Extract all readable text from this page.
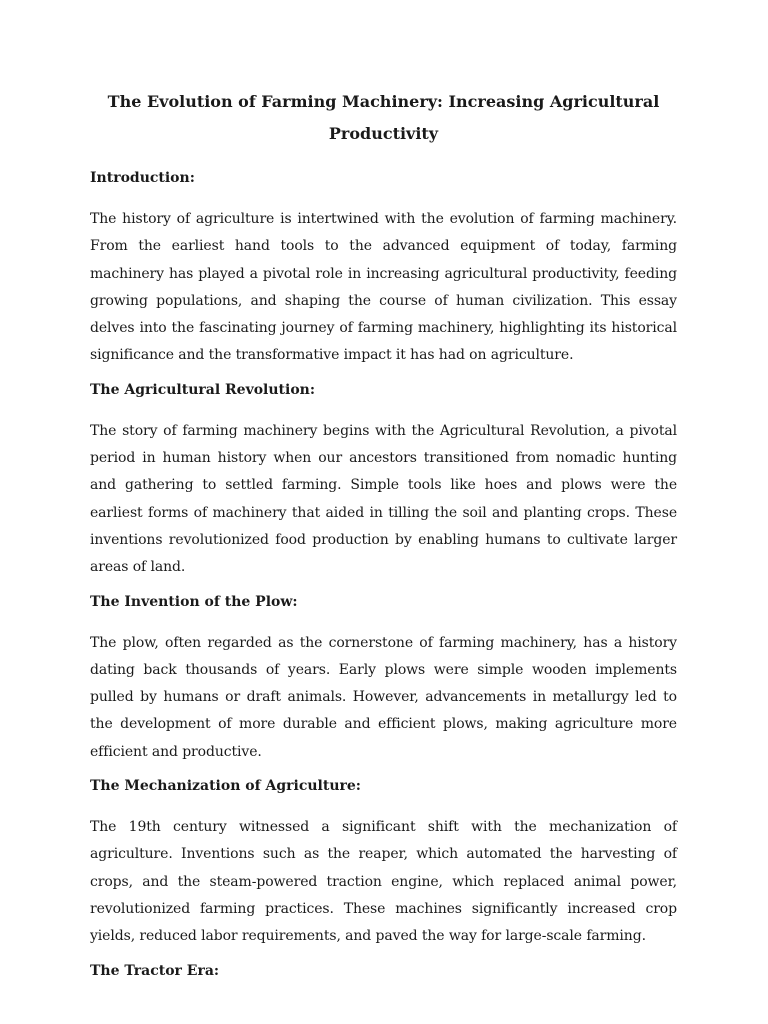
The Evolution of Farming Machinery: Increasing Agricultural Productivity

Introduction:

The history of agriculture is intertwined with the evolution of farming machinery. From the earliest hand tools to the advanced equipment of today, farming machinery has played a pivotal role in increasing agricultural productivity, feeding growing populations, and shaping the course of human civilization. This essay delves into the fascinating journey of farming machinery, highlighting its historical significance and the transformative impact it has had on agriculture.

The Agricultural Revolution:

The story of farming machinery begins with the Agricultural Revolution, a pivotal period in human history when our ancestors transitioned from nomadic hunting and gathering to settled farming. Simple tools like hoes and plows were the earliest forms of machinery that aided in tilling the soil and planting crops. These inventions revolutionized food production by enabling humans to cultivate larger areas of land.

The Invention of the Plow:

The plow, often regarded as the cornerstone of farming machinery, has a history dating back thousands of years. Early plows were simple wooden implements pulled by humans or draft animals. However, advancements in metallurgy led to the development of more durable and efficient plows, making agriculture more efficient and productive.

The Mechanization of Agriculture:

The 19th century witnessed a significant shift with the mechanization of agriculture. Inventions such as the reaper, which automated the harvesting of crops, and the steam-powered traction engine, which replaced animal power, revolutionized farming practices. These machines significantly increased crop yields, reduced labor requirements, and paved the way for large-scale farming.

The Tractor Era:
